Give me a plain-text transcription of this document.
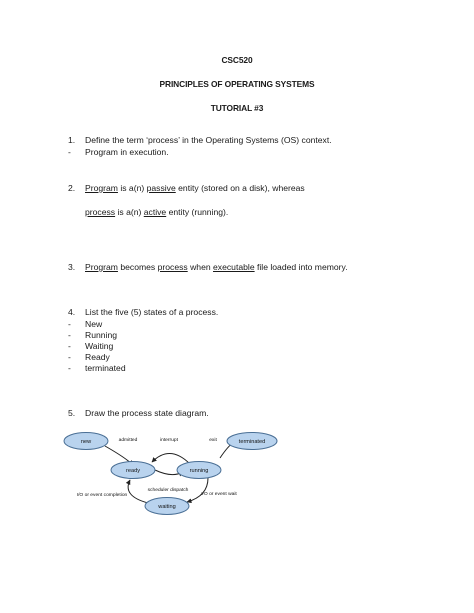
CSC520
PRINCIPLES OF OPERATING SYSTEMS
TUTORIAL #3
1. Define the term ‘process’ in the Operating Systems (OS) context.
- Program in execution.
2. Program is a(n) passive entity (stored on a disk), whereas
process is a(n) active entity (running).
3. Program becomes process when executable file loaded into memory.
4. List the five (5) states of a process.
- New
- Running
- Waiting
- Ready
- terminated
5. Draw the process state diagram.
new	terminated
ready	running
waiting
admitted	interrupt	exit
scheduler dispatch
I/O or event completion	I/O or event wait
